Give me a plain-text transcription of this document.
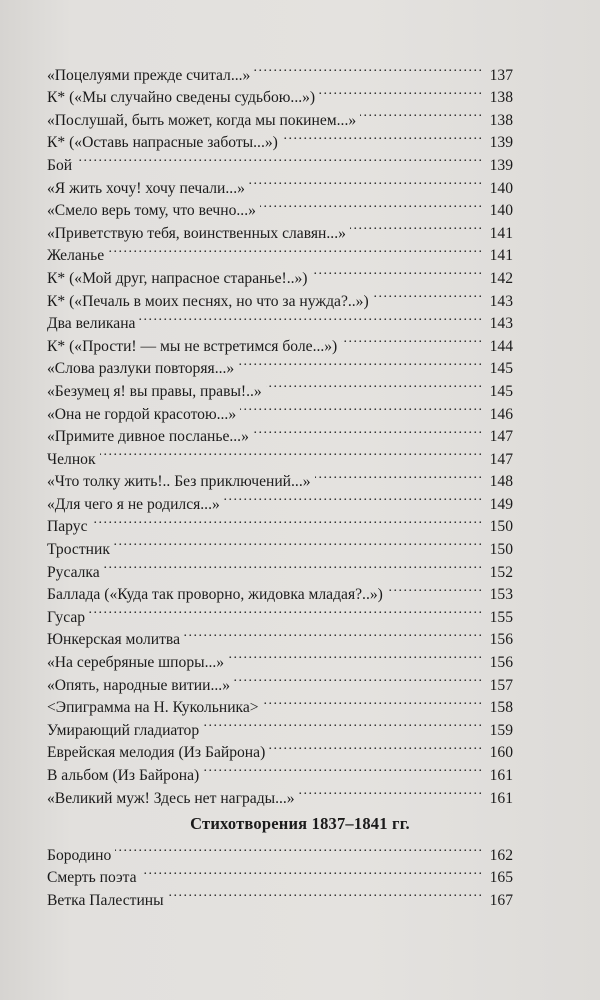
«Поцелуями прежде считал...» . . .	137
К* («Мы случайно сведены судьбою...») . . .	138
«Послушай, быть может, когда мы покинем...» . . .	138
К* («Оставь напрасные заботы...») . . .	139
Бой . . .	139
«Я жить хочу! хочу печали...» . . .	140
«Смело верь тому, что вечно...» . . .	140
«Приветствую тебя, воинственных славян...» . . .	141
Желанье . . .	141
К* («Мой друг, напрасное старанье!..») . . .	142
К* («Печаль в моих песнях, но что за нужда?..») . . .	143
Два великана . . .	143
К* («Прости! — мы не встретимся боле...») . . .	144
«Слова разлуки повторяя...» . . .	145
«Безумец я! вы правы, правы!..» . . .	145
«Она не гордой красотою...» . . .	146
«Примите дивное посланье...» . . .	147
Челнок . . .	147
«Что толку жить!.. Без приключений...» . . .	148
«Для чего я не родился...» . . .	149
Парус . . .	150
Тростник . . .	150
Русалка . . .	152
Баллада («Куда так проворно, жидовка младая?..») . . .	153
Гусар . . .	155
Юнкерская молитва . . .	156
«На серебряные шпоры...» . . .	156
«Опять, народные витии...» . . .	157
<Эпиграмма на Н. Кукольника> . . .	158
Умирающий гладиатор . . .	159
Еврейская мелодия (Из Байрона) . . .	160
В альбом (Из Байрона) . . .	161
«Великий муж! Здесь нет награды...» . . .	161
Стихотворения 1837–1841 гг.
Бородино . . .	162
Смерть поэта . . .	165
Ветка Палестины . . .	167
